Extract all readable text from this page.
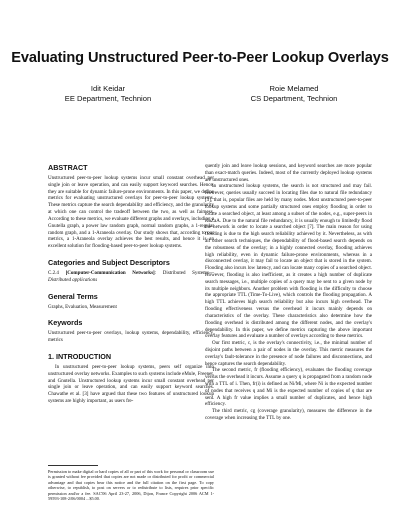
Evaluating Unstructured Peer-to-Peer Lookup Overlays
Idit Keidar
EE Department, Technion
Roie Melamed
CS Department, Technion
ABSTRACT

Unstructured peer-to-peer lookup systems incur small constant overhead per single join or leave operation, and can easily support keyword searches. Hence, they are suitable for dynamic failure-prone environments. In this paper, we define metrics for evaluating unstructured overlays for peer-to-peer lookup systems. These metrics capture the search dependability and efficiency, and the granularity at which one can control the tradeoff between the two, as well as fairness. According to these metrics, we evaluate different graphs and overlays, including a Gnutella graph, a power law random graph, normal random graphs, a 1-regular random graph, and a 1-Araneola overlay. Our study shows that, according to our metrics, a 1-Araneola overlay achieves the best results, and hence it is an excellent solution for flooding-based peer-to-peer lookup systems.

Categories and Subject Descriptors

C.2.4 [Computer-Communication Networks]: Distributed Systems—Distributed applications

General Terms

Graphs, Evaluation, Measurement

Keywords

Unstructured peer-to-peer overlays, lookup systems, dependability, efficiency, metrics

1. INTRODUCTION

In unstructured peer-to-peer lookup systems, peers self organize into unstructured overlay networks. Examples to such systems include eMule, Freenet, and Gnutella. Unstructured lookup systems incur small constant overhead per single join or leave operation, and can easily support keyword searches. Chawathe et al. [3] have argued that these two features of unstructured lookup systems are highly important, as users fre-

Permission to make digital or hard copies of all or part of this work for personal or classroom use is granted without fee provided that copies are not made or distributed for profit or commercial advantage and that copies bear this notice and the full citation on the first page. To copy otherwise, to republish, to post on servers or to redistribute to lists, requires prior specific permission and/or a fee. SAC'06 April 23-27, 2006, Dijon, France Copyright 2006 ACM 1-59593-108-2/06/0004 ...$5.00.

quently join and leave lookup sessions, and keyword searches are more popular than exact-match queries. Indeed, most of the currently deployed lookup systems are unstructured ones.

In unstructured lookup systems, the search is not structured and may fail. However, queries usually succeed in locating files due to natural file redundancy [3], that is, popular files are held by many nodes. Most unstructured peer-to-peer lookup systems and some partially structured ones employ flooding in order to locate a searched object, at least among a subset of the nodes, e.g., super-peers in KaZaA. Due to the natural file redundancy, it is usually enough to limitedly flood the network in order to locate a searched object [7]. The main reason for using flooding is due to the high search reliability achieved by it. Nevertheless, as with all other search techniques, the dependability of flood-based search depends on the robustness of the overlay; in a highly connected overlay, flooding achieves high reliability, even in dynamic failure-prone environments, whereas in a disconnected overlay, it may fail to locate an object that is stored in the system. Flooding also incurs low latency, and can locate many copies of a searched object. However, flooding is also inefficient, as it creates a high number of duplicate search messages, i.e., multiple copies of a query may be sent to a given node by its multiple neighbors. Another problem with flooding is the difficulty to choose the appropriate TTL (Time-To-Live), which controls the flooding propagation. A high TTL achieves high search reliability but also incurs high overhead. The flooding effectiveness versus the overhead it incurs mainly depends on characteristics of the overlay. These characteristics also determine how the flooding overhead is distributed among the different nodes, and the overlay's dependability. In this paper, we define metrics capturing the above important overlay features and evaluate a number of overlays according to these metrics.

Our first metric, c, is the overlay's connectivity, i.e., the minimal number of disjoint paths between a pair of nodes in the overlay. This metric measures the overlay's fault-tolerance in the presence of node failures and disconnections, and hence captures the search dependability.

The second metric, fr (flooding efficiency), evaluates the flooding coverage versus the overhead it incurs. Assume a query q is propagated from a random node with a TTL of i. Then, fr(i) is defined as Ni/Mi, where Ni is the expected number of nodes that receives q and Mi is the expected number of copies of q that are sent. A high fr value implies a small number of duplicates, and hence high efficiency.

The third metric, cg (coverage granularity), measures the difference in the coverage when increasing the TTL by one.
